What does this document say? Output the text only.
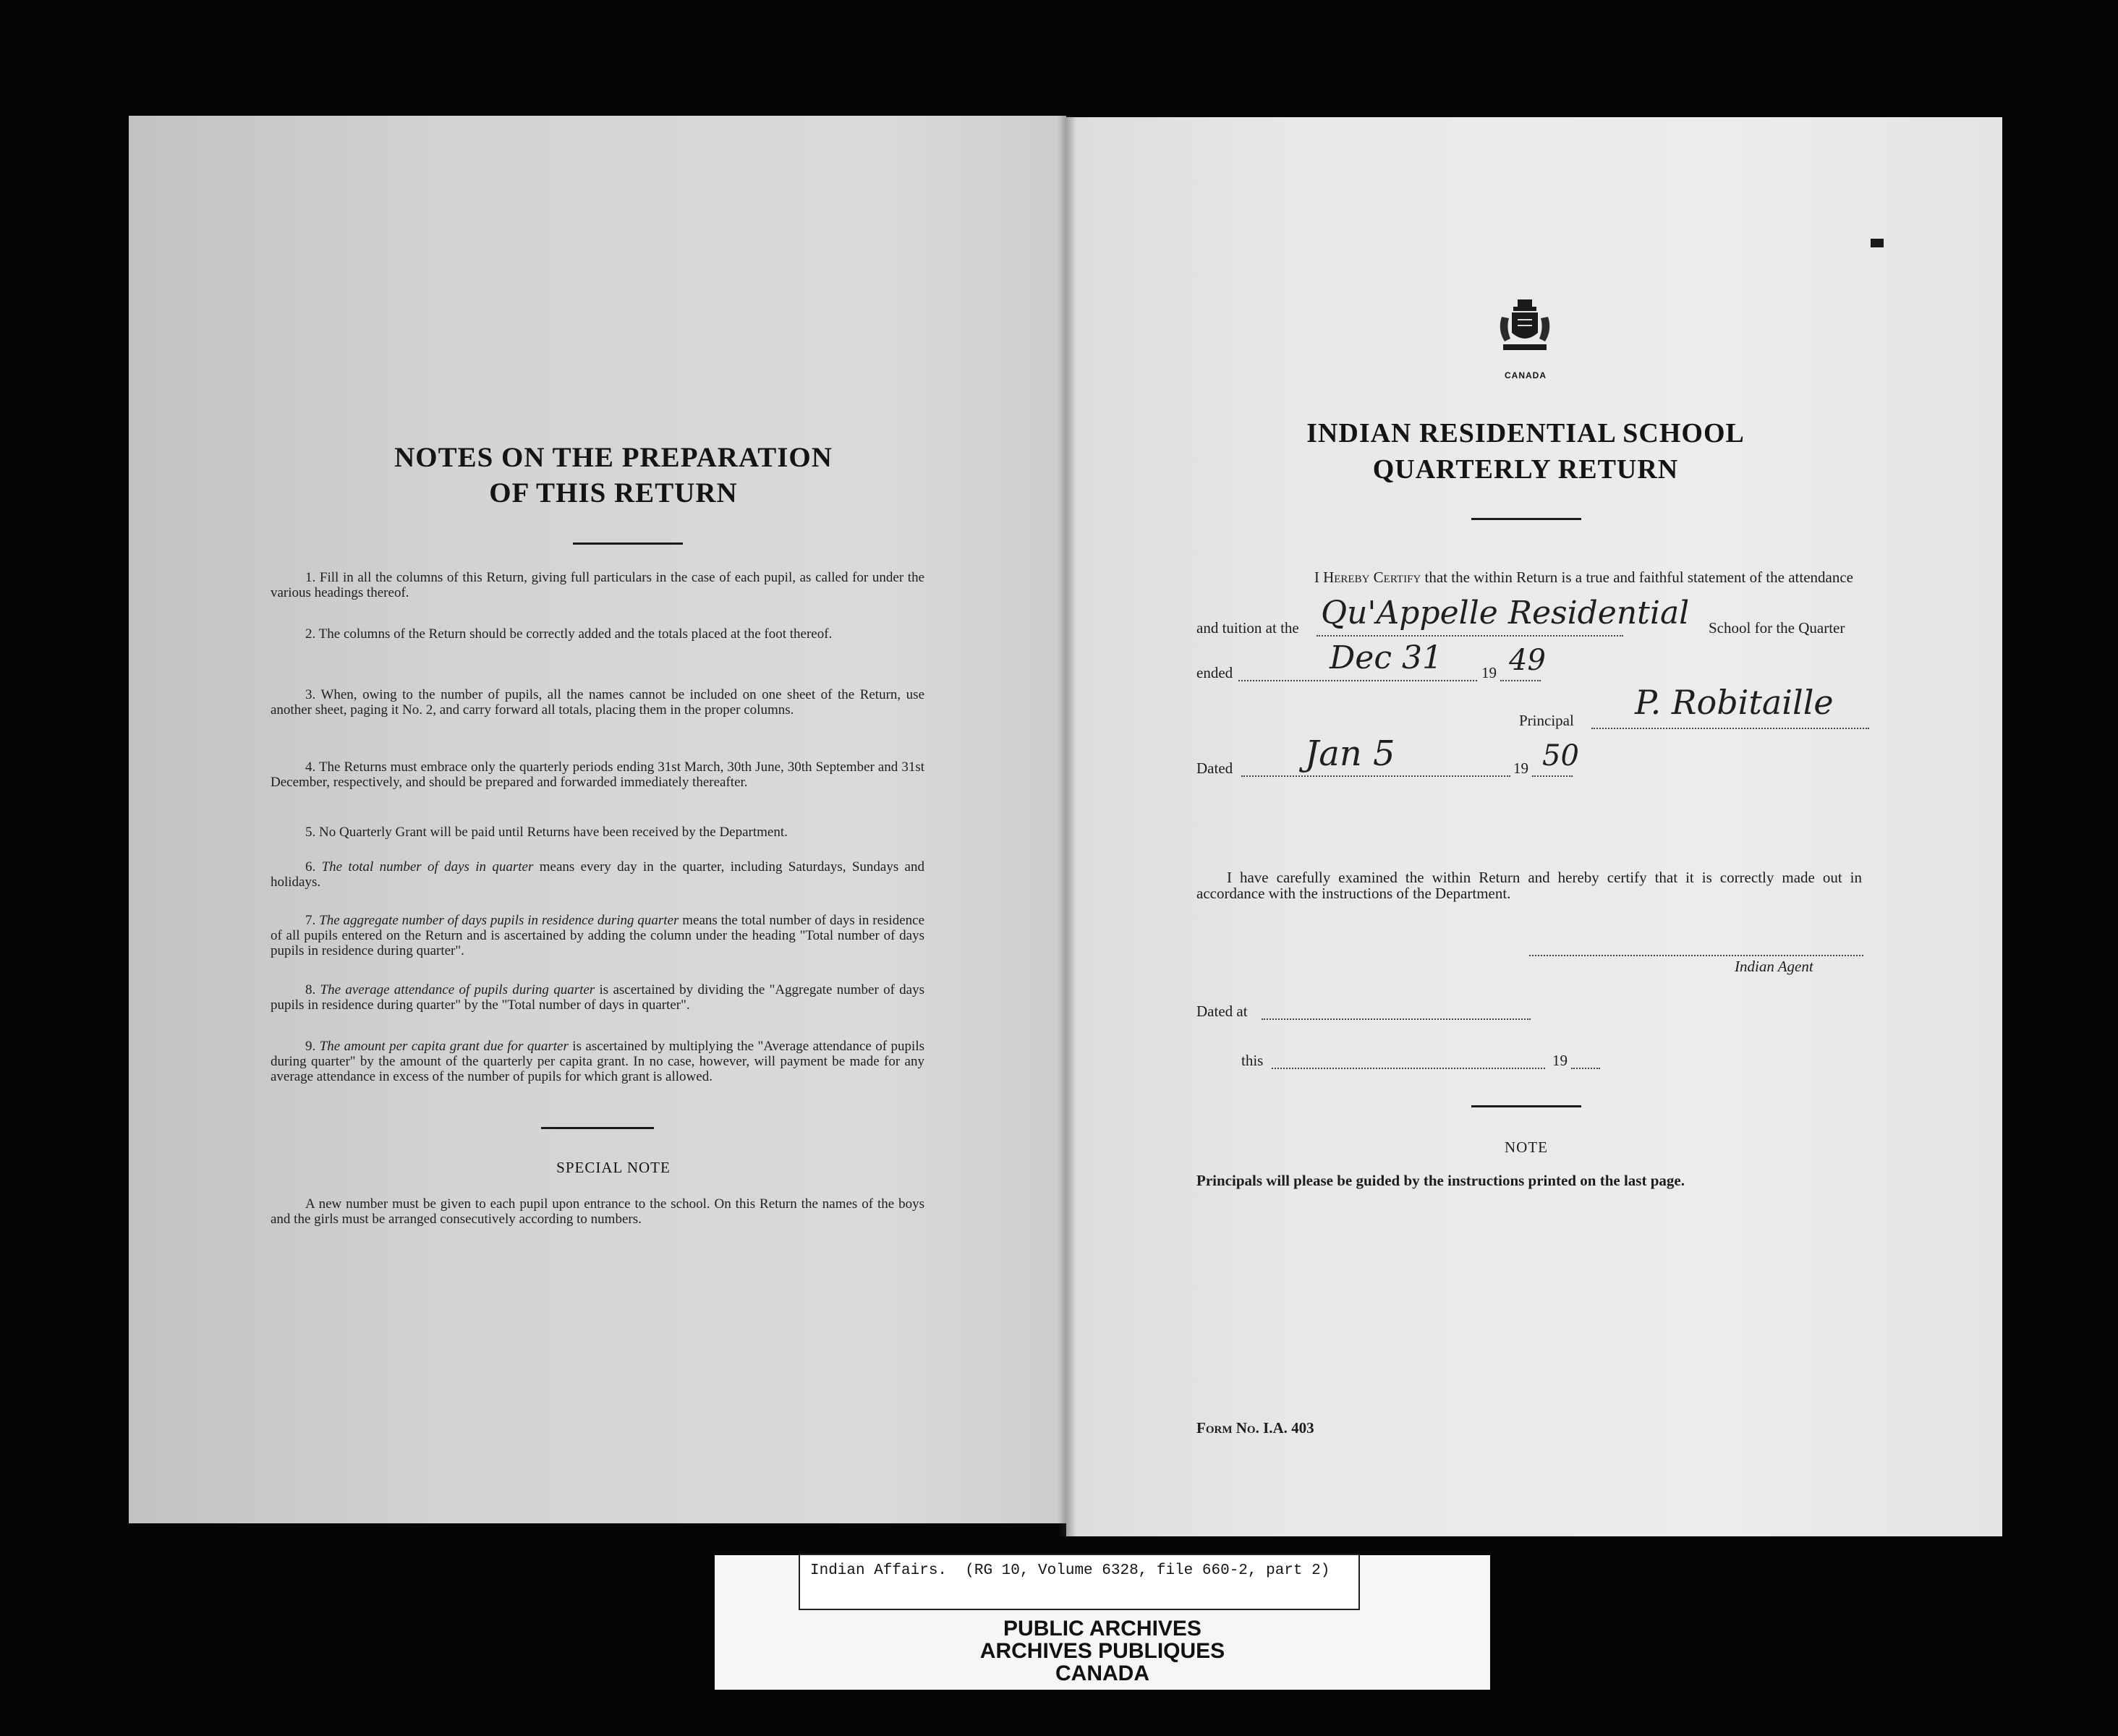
NOTES ON THE PREPARATION
OF THIS RETURN
1. Fill in all the columns of this Return, giving full particulars in the case of each pupil, as called for under the various headings thereof.
2. The columns of the Return should be correctly added and the totals placed at the foot thereof.
3. When, owing to the number of pupils, all the names cannot be included on one sheet of the Return, use another sheet, paging it No. 2, and carry forward all totals, placing them in the proper columns.
4. The Returns must embrace only the quarterly periods ending 31st March, 30th June, 30th September and 31st December, respectively, and should be prepared and forwarded immediately thereafter.
5. No Quarterly Grant will be paid until Returns have been received by the Department.
6. The total number of days in quarter means every day in the quarter, including Saturdays, Sundays and holidays.
7. The aggregate number of days pupils in residence during quarter means the total number of days in residence of all pupils entered on the Return and is ascertained by adding the column under the heading "Total number of days pupils in residence during quarter".
8. The average attendance of pupils during quarter is ascertained by dividing the "Aggregate number of days pupils in residence during quarter" by the "Total number of days in quarter".
9. The amount per capita grant due for quarter is ascertained by multiplying the "Average attendance of pupils during quarter" by the amount of the quarterly per capita grant. In no case, however, will payment be made for any average attendance in excess of the number of pupils for which grant is allowed.
SPECIAL NOTE
A new number must be given to each pupil upon entrance to the school. On this Return the names of the boys and the girls must be arranged consecutively according to numbers.
CANADA
INDIAN RESIDENTIAL SCHOOL
QUARTERLY RETURN
I Hereby Certify that the within Return is a true and faithful statement of the attendance
and tuition at the Qu'Appelle Residential School for the Quarter
ended	Dec 31	19 49
Principal P. Robitaille
Dated Jan 5	19 50
I have carefully examined the within Return and hereby certify that it is correctly made out in accordance with the instructions of the Department.
Indian Agent
Dated at
this	19
NOTE
Principals will please be guided by the instructions printed on the last page.
Form No. I.A. 403
Indian Affairs.  (RG 10, Volume 6328, file 660-2, part 2)
PUBLIC ARCHIVES
ARCHIVES PUBLIQUES
CANADA
